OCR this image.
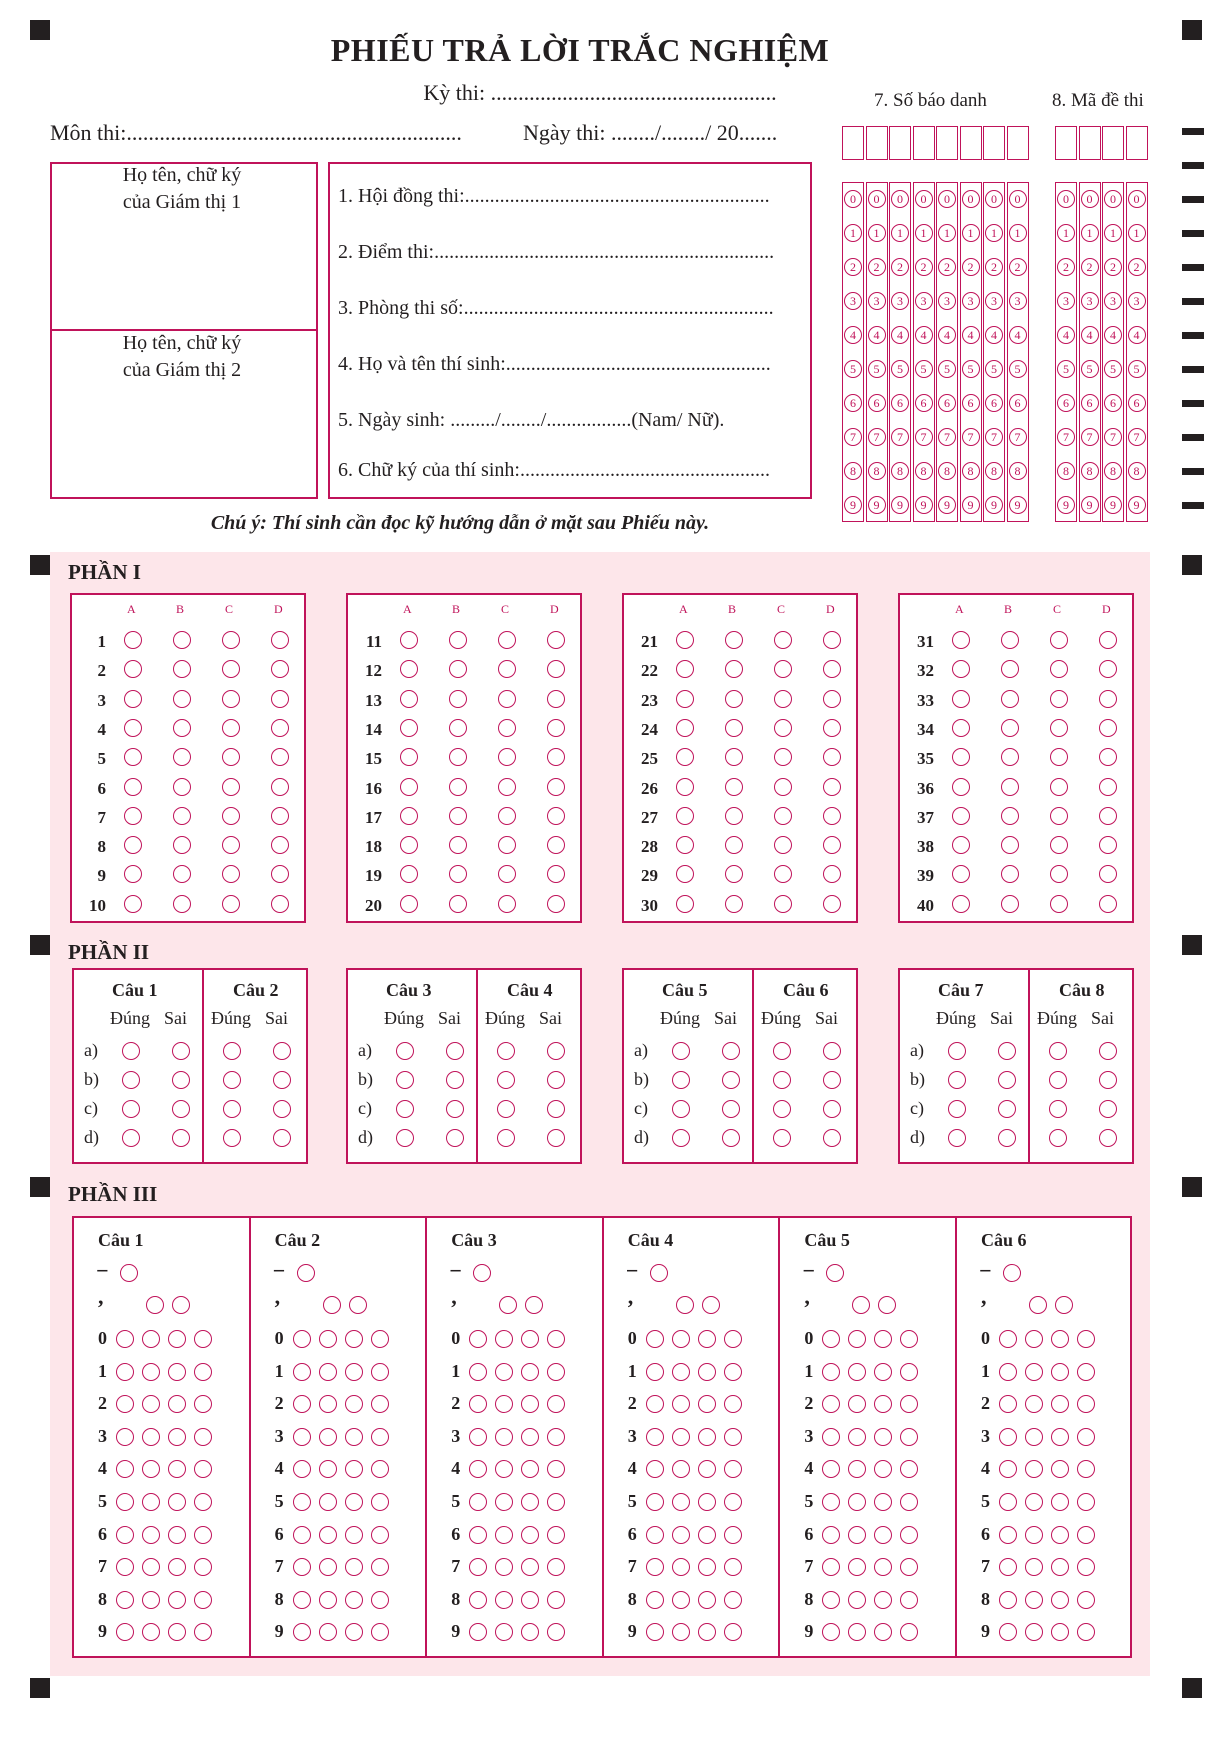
PHIẾU TRẢ LỜI TRẮC NGHIỆM
Kỳ thi: ....................................................
Môn thi:.............................................................	Ngày thi: ......../......../ 20.......
Họ tên, chữ ký
của Giám thị 1
Họ tên, chữ ký
của Giám thị 2
1. Hội đồng thi:.............................................................
2. Điểm thi:....................................................................
3. Phòng thi số:..............................................................
4. Họ và tên thí sinh:.....................................................
5. Ngày sinh: ........./......../.................(Nam/ Nữ).
6. Chữ ký của thí sinh:..................................................
Chú ý: Thí sinh cần đọc kỹ hướng dẫn ở mặt sau Phiếu này.
7. Số báo danh	8. Mã đề thi
0
1
2
3
4
5
6
7
8
9
0
1
2
3
4
5
6
7
8
9
0
1
2
3
4
5
6
7
8
9
0
1
2
3
4
5
6
7
8
9
0
1
2
3
4
5
6
7
8
9
0
1
2
3
4
5
6
7
8
9
0
1
2
3
4
5
6
7
8
9
0
1
2
3
4
5
6
7
8
9
0
1
2
3
4
5
6
7
8
9
0
1
2
3
4
5
6
7
8
9
0
1
2
3
4
5
6
7
8
9
0
1
2
3
4
5
6
7
8
9
PHẦN I
PHẦN II
PHẦN III
A	B	C	D
1
2
3
4
5
6
7
8
9
10
A	B	C	D
11
12
13
14
15
16
17
18
19
20
A	B	C	D
21
22
23
24
25
26
27
28
29
30
A	B	C	D
31
32
33
34
35
36
37
38
39
40
Câu 1
Đúng Sai
Câu 2
Đúng Sai
a)
b)
c)
d)
Câu 3
Đúng Sai
Câu 4
Đúng Sai
a)
b)
c)
d)
Câu 5
Đúng Sai
Câu 6
Đúng Sai
a)
b)
c)
d)
Câu 7
Đúng Sai
Câu 8
Đúng Sai
a)
b)
c)
d)
Câu 1
−
,
0
1
2
3
4
5
6
7
8
9
Câu 2
−
,
0
1
2
3
4
5
6
7
8
9
Câu 3
−
,
0
1
2
3
4
5
6
7
8
9
Câu 4
−
,
0
1
2
3
4
5
6
7
8
9
Câu 5
−
,
0
1
2
3
4
5
6
7
8
9
Câu 6
−
,
0
1
2
3
4
5
6
7
8
9
